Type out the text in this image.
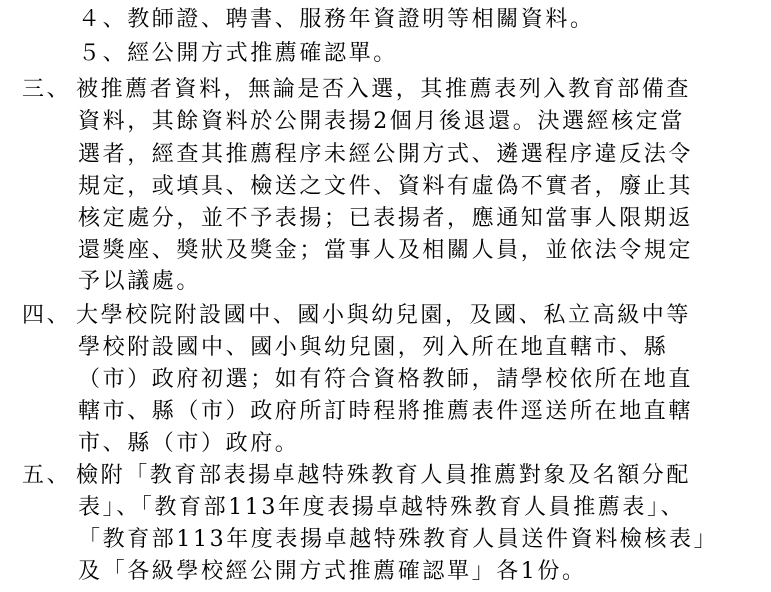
４、教師證、聘書、服務年資證明等相關資料。
５、經公開方式推薦確認單。
三、 被推薦者資料，無論是否入選，其推薦表列入教育部備查
資料，其餘資料於公開表揚2個月後退還。決選經核定當
選者，經查其推薦程序未經公開方式、遴選程序違反法令
規定，或填具、檢送之文件、資料有虛偽不實者，廢止其
核定處分，並不予表揚；已表揚者，應通知當事人限期返
還獎座、獎狀及獎金；當事人及相關人員，並依法令規定
予以議處。
四、 大學校院附設國中、國小與幼兒園，及國、私立高級中等
學校附設國中、國小與幼兒園，列入所在地直轄市、縣
（市）政府初選；如有符合資格教師，請學校依所在地直
轄市、縣（市）政府所訂時程將推薦表件逕送所在地直轄
市、縣（市）政府。
五、 檢附「教育部表揚卓越特殊教育人員推薦對象及名額分配
表」、「教育部113年度表揚卓越特殊教育人員推薦表」、
「教育部113年度表揚卓越特殊教育人員送件資料檢核表」
及「各級學校經公開方式推薦確認單」各1份。
